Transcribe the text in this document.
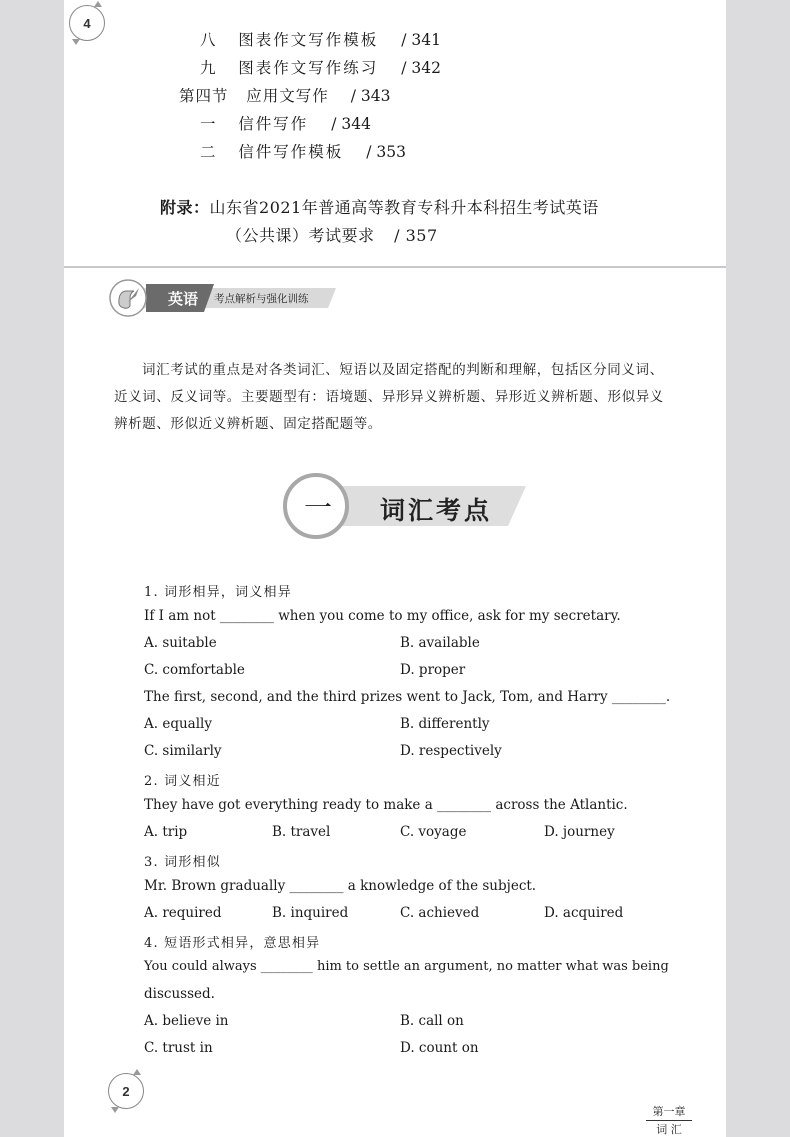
4
八 图表作文写作模板 / 341
九 图表作文写作练习 / 342
第四节 应用文写作 / 343
一 信件写作 / 344
二 信件写作模板 / 353
附录：山东省2021年普通高等教育专科升本科招生考试英语
（公共课）考试要求 / 357
英语 考点解析与强化训练
词汇考试的重点是对各类词汇、短语以及固定搭配的判断和理解，包括区分同义词、近义词、反义词等。主要题型有：语境题、异形异义辨析题、异形近义辨析题、形似异义辨析题、形似近义辨析题、固定搭配题等。
一 词汇考点
1. 词形相异，词义相异
If I am not ________ when you come to my office, ask for my secretary.
A. suitable	B. available
C. comfortable	D. proper
The first, second, and the third prizes went to Jack, Tom, and Harry ________.
A. equally	B. differently
C. similarly	D. respectively
2. 词义相近
They have got everything ready to make a ________ across the Atlantic.
A. trip	B. travel	C. voyage	D. journey
3. 词形相似
Mr. Brown gradually ________ a knowledge of the subject.
A. required	B. inquired	C. achieved	D. acquired
4. 短语形式相异，意思相异
You could always ________ him to settle an argument, no matter what was being
discussed.
A. believe in	B. call on
C. trust in	D. count on
2
第一章
词 汇
